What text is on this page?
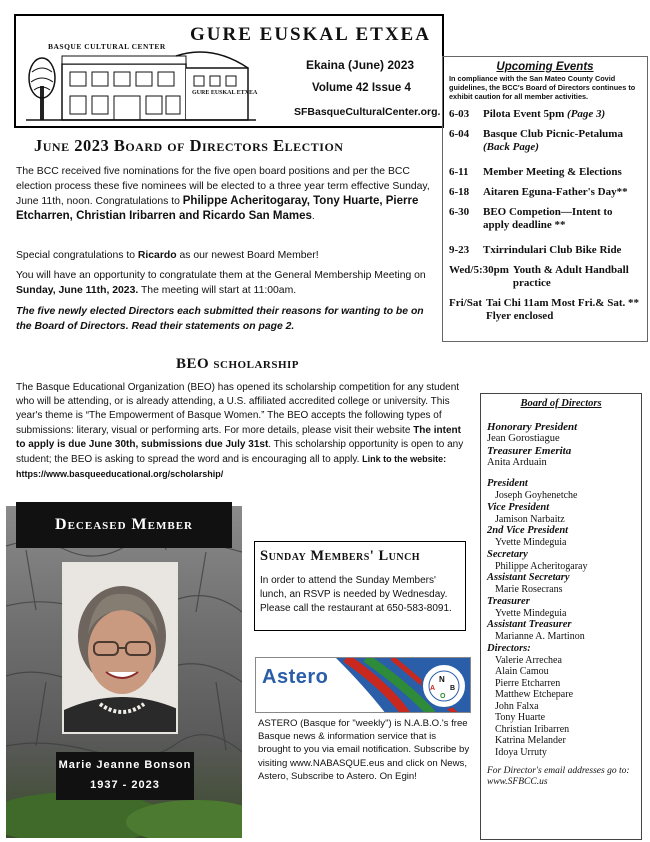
BASQUE CULTURAL CENTER
GURE EUSKAL ETXEA
GURE EUSKAL ETXEA
Ekaina (June) 2023
Volume 42 Issue 4
SFBasqueCulturalCenter.org.
Upcoming Events
In compliance with the San Mateo County Covid guidelines, the BCC's Board of Directors continues to exhibit caution for all member activities.
6-03	Pilota Event 5pm (Page 3)
6-04	Basque Club Picnic-Petaluma (Back Page)
6-11	Member Meeting & Elections
6-18	Aitaren Eguna-Father's Day**
6-30	BEO Competion—Intent to apply deadline **
9-23	Txirrindulari Club Bike Ride
Wed/5:30pm Youth & Adult Handball practice
Fri/Sat Tai Chi 11am Most Fri.& Sat. ** Flyer enclosed
June 2023 Board of Directors Election
The BCC received five nominations for the five open board positions and per the BCC election process these five nominees will be elected to a three year term effective Sunday, June 11th, noon. Congratulations to Philippe Acheritogaray, Tony Huarte, Pierre Etcharren, Christian Iribarren and Ricardo San Mames.
Special congratulations to Ricardo as our newest Board Member!
You will have an opportunity to congratulate them at the General Membership Meeting on Sunday, June 11th, 2023. The meeting will start at 11:00am.
The five newly elected Directors each submitted their reasons for wanting to be on the Board of Directors. Read their statements on page 2.
BEO scholarship
The Basque Educational Organization (BEO) has opened its scholarship competition for any student who will be attending, or is already attending, a U.S. affiliated accredited college or university. This year's theme is “The Empowerment of Basque Women.” The BEO accepts the following types of submissions: literary, visual or performing arts. For more details, please visit their website The intent to apply is due June 30th, submissions due July 31st. This scholarship opportunity is open to any student; the BEO is asking to spread the word and is encouraging all to apply. Link to the website: https://www.basqueeducational.org/scholarship/
Board of Directors
Honorary President
Jean Gorostiague
Treasurer Emerita
Anita Arduain
President
Joseph Goyhenetche
Vice President
Jamison Narbaitz
2nd Vice President
Yvette Mindeguia
Secretary
Philippe Acheritogaray
Assistant Secretary
Marie Rosecrans
Treasurer
Yvette Mindeguia
Assistant Treasurer
Marianne A. Martinon
Directors:
Valerie Arrechea
Alain Camou
Pierre Etcharren
Matthew Etchepare
John Falxa
Tony Huarte
Christian Iribarren
Katrina Melander
Idoya Urruty
For Director's email addresses go to: www.SFBCC.us
Deceased Member
Marie Jeanne Bonson
1937 - 2023
Sunday Members' Lunch
In order to attend the Sunday Members' lunch, an RSVP is needed by Wednesday. Please call the restaurant at 650-583-8091.
N
A B
O
Astero
ASTERO (Basque for "weekly") is N.A.B.O.'s free Basque news & information service that is brought to you via email notification. Subscribe by visiting www.NABASQUE.eus and click on News, Astero, Subscribe to Astero. On Egin!
